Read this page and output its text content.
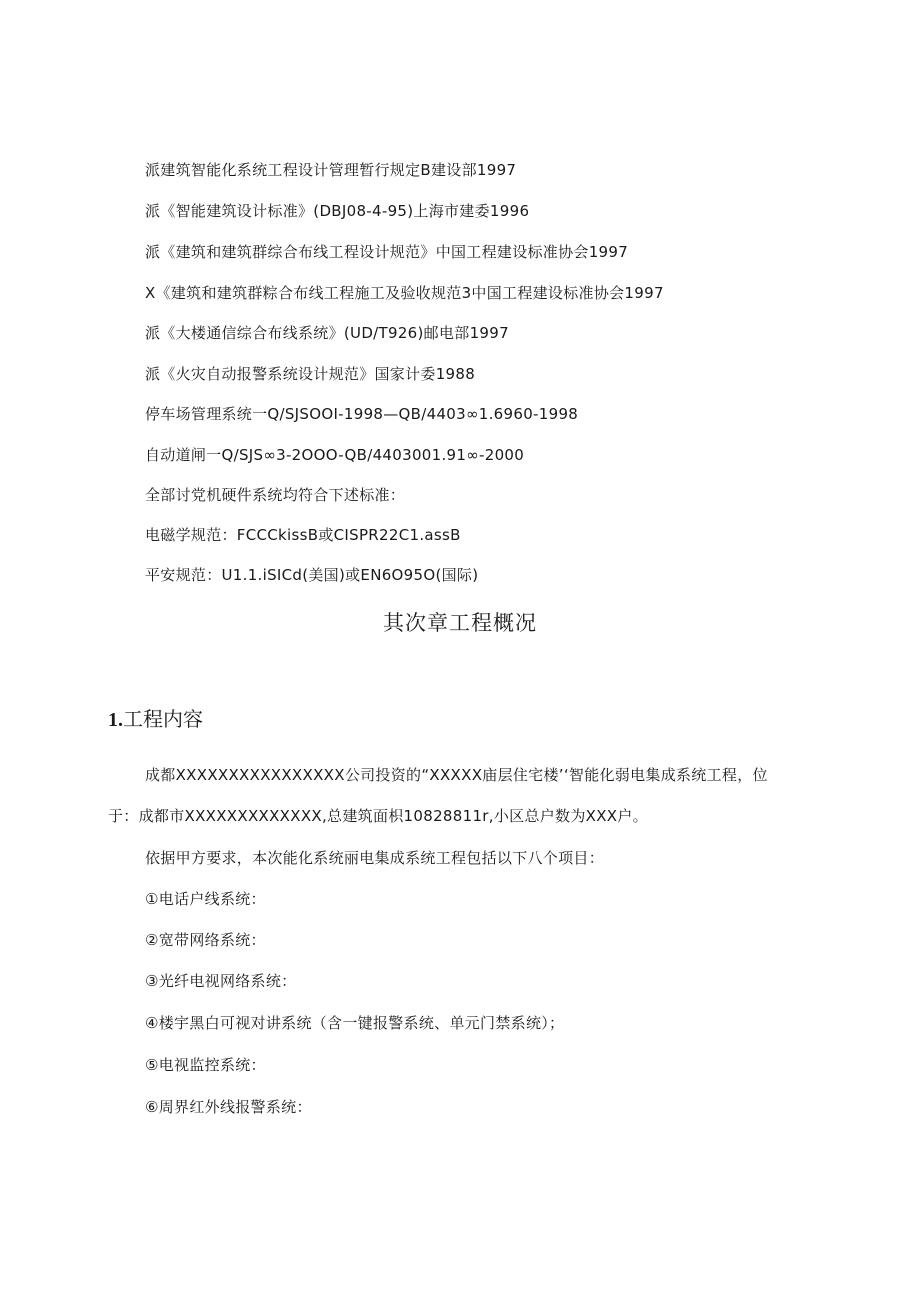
派建筑智能化系统工程设计管理暂行规定B建设部1997
派《智能建筑设计标准》(DBJ08-4-95)上海市建委1996
派《建筑和建筑群综合布线工程设计规范》中国工程建设标准协会1997
X《建筑和建筑群粽合布线工程施工及验收规范3中国工程建设标准协会1997
派《大楼通信综合布线系统》(UD/T926)邮电部1997
派《火灾自动报警系统设计规范》国家计委1988
停车场管理系统一Q/SJSOOI-1998—QB/4403∞1.6960-1998
自动道闸一Q/SJS∞3-2OOO-QB/4403001.91∞-2000
全部讨党机硬件系统均符合下述标准：
电磁学规范：FCCCkissB或CISPR22C1.assB
平安规范：U1.1.iSICd(美国)或EN6O95O(国际)
其次章工程概况
1.工程内容
成都XXXXXXXXXXXXXXXX公司投资的“XXXXX庙层住宅楼’‘智能化弱电集成系统工程，位
于：成都市XXXXXXXXXXXXX,总建筑面枳10828811r,小区总户数为XXX户。
依据甲方要求，本次能化系统丽电集成系统工程包括以下八个项目：
①电话户线系统：
②宽带网络系统：
③光纤电视网络系统：
④楼宇黑白可视对讲系统（含一键报警系统、单元门禁系统）；
⑤电视监控系统：
⑥周界红外线报警系统：
